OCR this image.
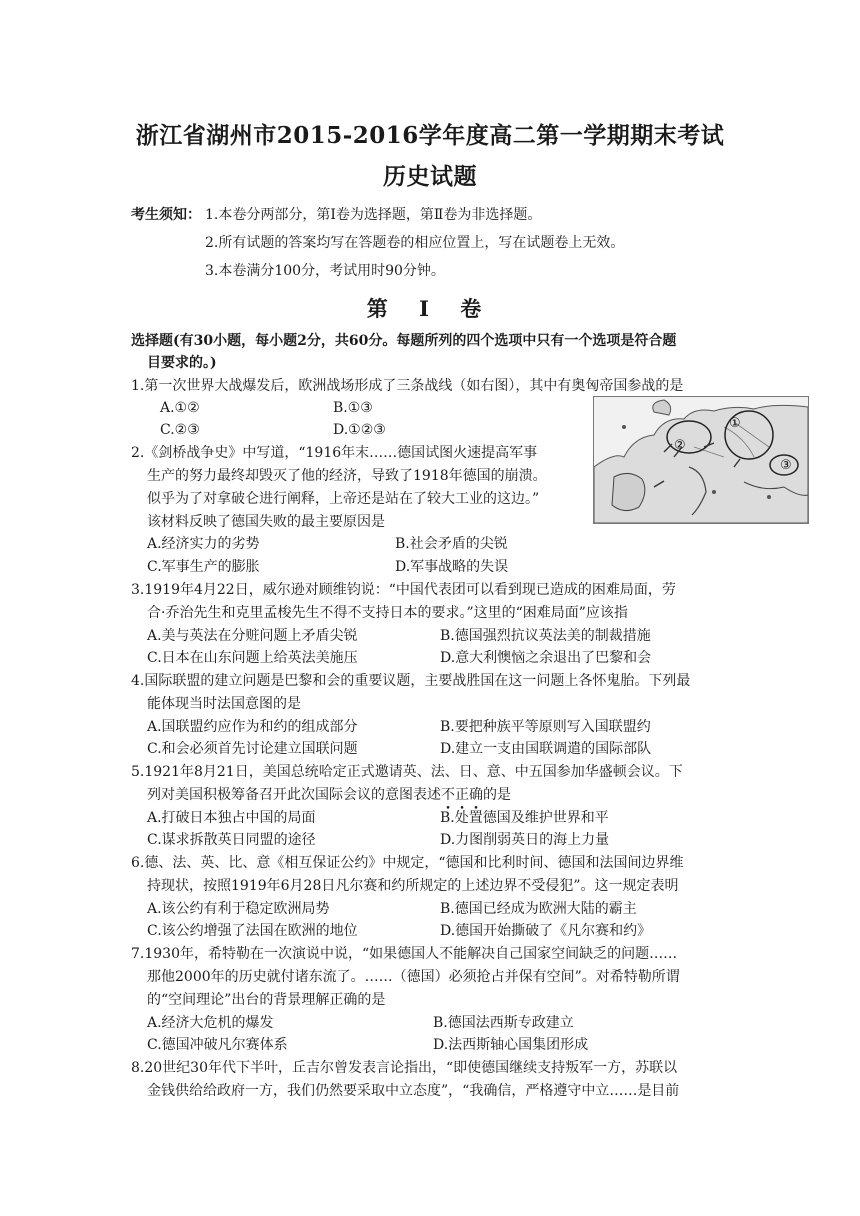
浙江省湖州市2015-2016学年度高二第一学期期末考试
历史试题
考生须知： 1.本卷分两部分，第Ⅰ卷为选择题，第Ⅱ卷为非选择题。
2.所有试题的答案均写在答题卷的相应位置上，写在试题卷上无效。
3.本卷满分100分，考试用时90分钟。
第 Ⅰ 卷
选择题(有30小题，每小题2分，共60分。每题所列的四个选项中只有一个选项是符合题
目要求的。)
1.第一次世界大战爆发后，欧洲战场形成了三条战线（如右图），其中有奥匈帝国参战的是
A.①②	B.①③
C.②③	D.①②③	①
②
③
2.《剑桥战争史》中写道，“1916年末……德国试图火速提高军事
生产的努力最终却毁灭了他的经济，导致了1918年德国的崩溃。
似乎为了对拿破仑进行阐释，上帝还是站在了较大工业的这边。”
该材料反映了德国失败的最主要原因是
A.经济实力的劣势	B.社会矛盾的尖锐
C.军事生产的膨胀	D.军事战略的失误
3.1919年4月22日，威尔逊对顾维钧说：“中国代表团可以看到现已造成的困难局面，劳
合·乔治先生和克里孟梭先生不得不支持日本的要求。”这里的“困难局面”应该指
A.美与英法在分赃问题上矛盾尖锐	B.德国强烈抗议英法美的制裁措施
C.日本在山东问题上给英法美施压	D.意大利懊恼之余退出了巴黎和会
4.国际联盟的建立问题是巴黎和会的重要议题，主要战胜国在这一问题上各怀鬼胎。下列最
能体现当时法国意图的是
A.国联盟约应作为和约的组成部分	B.要把种族平等原则写入国联盟约
C.和会必须首先讨论建立国联问题	D.建立一支由国联调遣的国际部队
5.1921年8月21日，美国总统哈定正式邀请英、法、日、意、中五国参加华盛顿会议。下
列对美国积极筹备召开此次国际会议的意图表述不正确的是
A.打破日本独占中国的局面	B.处置德国及维护世界和平
C.谋求拆散英日同盟的途径	D.力图削弱英日的海上力量
6.德、法、英、比、意《相互保证公约》中规定，“德国和比利时间、德国和法国间边界维
持现状，按照1919年6月28日凡尔赛和约所规定的上述边界不受侵犯”。这一规定表明
A.该公约有利于稳定欧洲局势	B.德国已经成为欧洲大陆的霸主
C.该公约增强了法国在欧洲的地位	D.德国开始撕破了《凡尔赛和约》
7.1930年，希特勒在一次演说中说，“如果德国人不能解决自己国家空间缺乏的问题……
那他2000年的历史就付诸东流了。……（德国）必须抢占并保有空间”。对希特勒所谓
的“空间理论”出台的背景理解正确的是
A.经济大危机的爆发	B.德国法西斯专政建立
C.德国冲破凡尔赛体系	D.法西斯轴心国集团形成
8.20世纪30年代下半叶，丘吉尔曾发表言论指出，“即使德国继续支持叛军一方，苏联以
金钱供给给政府一方，我们仍然要采取中立态度”，“我确信，严格遵守中立……是目前
